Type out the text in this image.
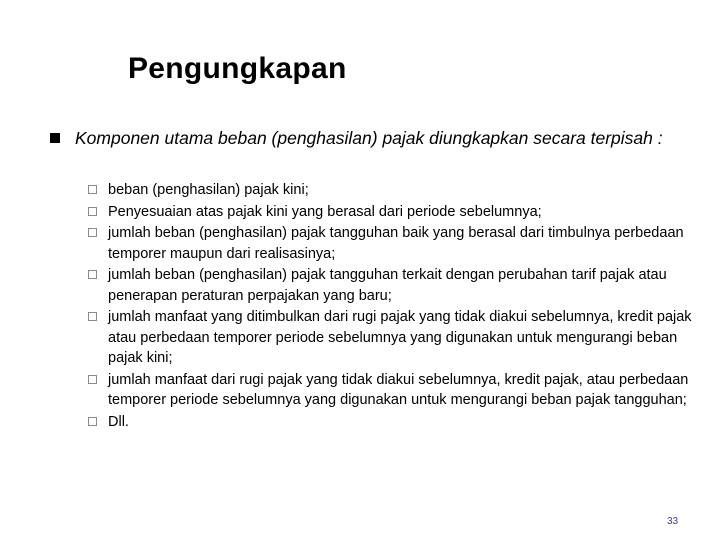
Pengungkapan
Komponen utama beban (penghasilan) pajak diungkapkan secara terpisah :
beban (penghasilan) pajak kini;
Penyesuaian atas pajak kini yang berasal dari periode sebelumnya;
jumlah beban (penghasilan) pajak tangguhan baik yang berasal dari timbulnya perbedaan temporer maupun dari realisasinya;
jumlah beban (penghasilan) pajak tangguhan terkait dengan perubahan tarif pajak atau penerapan peraturan perpajakan yang baru;
jumlah manfaat yang ditimbulkan dari rugi pajak yang tidak diakui sebelumnya, kredit pajak atau perbedaan temporer periode sebelumnya yang digunakan untuk mengurangi beban pajak kini;
jumlah manfaat dari rugi pajak yang tidak diakui sebelumnya, kredit pajak, atau perbedaan temporer periode sebelumnya yang digunakan untuk mengurangi beban pajak tangguhan;
Dll.
33
